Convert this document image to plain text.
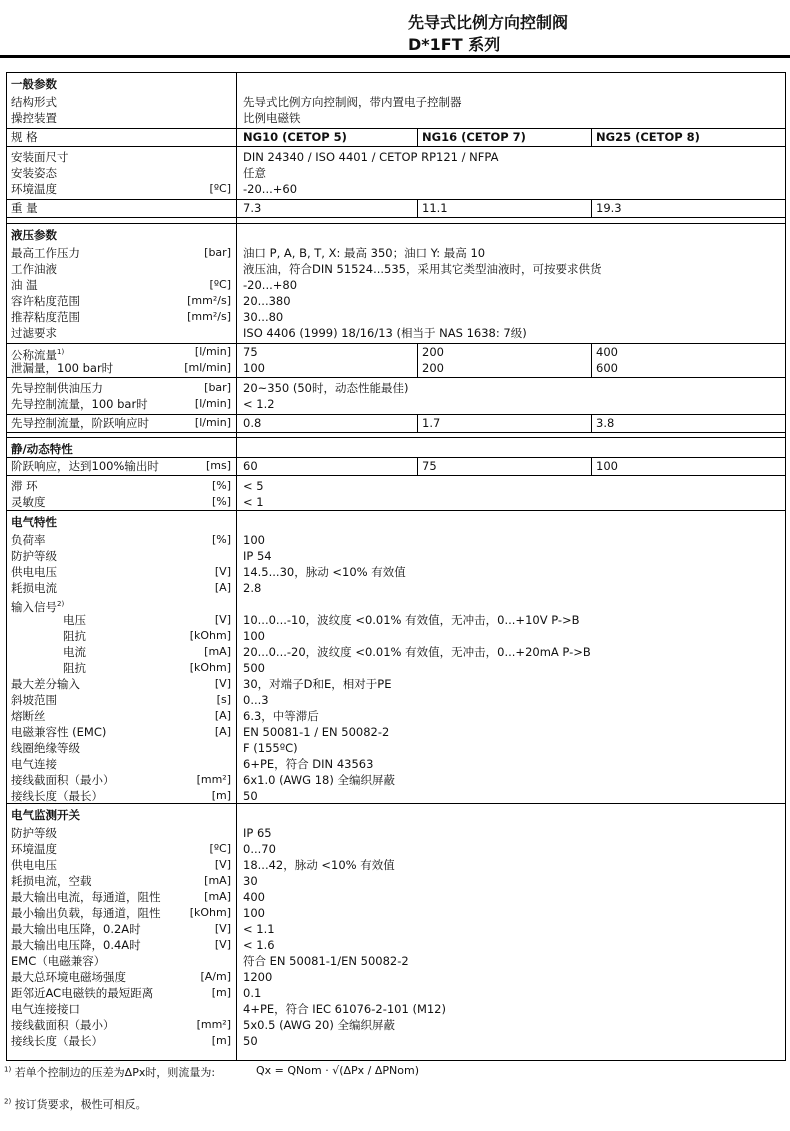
先导式比例方向控制阀
D*1FT 系列
一般参数
结构形式	先导式比例方向控制阀，带内置电子控制器
操控装置	比例电磁铁
规 格	NG10 (CETOP 5)	NG16 (CETOP 7)	NG25 (CETOP 8)
安装面尺寸	DIN 24340 / ISO 4401 / CETOP RP121 / NFPA
安装姿态	任意
环境温度	[ºC] -20...+60
重 量	7.3	11.1	19.3
液压参数
最高工作压力	[bar] 油口 P, A, B, T, X: 最高 350；油口 Y: 最高 10
工作油液	液压油，符合DIN 51524...535，采用其它类型油液时，可按要求供货
油 温	[ºC] -20...+80
容许粘度范围	[mm²/s] 20...380
推荐粘度范围	[mm²/s] 30...80
过滤要求	ISO 4406 (1999) 18/16/13 (相当于 NAS 1638: 7级)
公称流量$^{1)}$	[l/min] 75	200	400
泄漏量，100 bar时	[ml/min] 100	200	600
先导控制供油压力	[bar] 20~350 (50时，动态性能最佳)
先导控制流量，100 bar时	[l/min] < 1.2
先导控制流量，阶跃响应时	[l/min] 0.8	1.7	3.8
静/动态特性
阶跃响应，达到100%输出时	[ms] 60	75	100
滞 环	[%] < 5
灵敏度	[%] < 1
电气特性
负荷率	[%] 100
防护等级	IP 54
供电电压	[V] 14.5...30，脉动 <10% 有效值
耗损电流	[A] 2.8
输入信号$^{2)}$
电压	[V] 10...0...-10，波纹度 <0.01% 有效值，无冲击，0...+10V P->B
阻抗	[kOhm] 100
电流	[mA] 20...0...-20，波纹度 <0.01% 有效值，无冲击，0...+20mA P->B
阻抗	[kOhm] 500
最大差分输入	[V] 30，对端子D和E，相对于PE
斜坡范围	[s] 0...3
熔断丝	[A] 6.3，中等滞后
电磁兼容性 (EMC)	[A] EN 50081-1 / EN 50082-2
线圈绝缘等级	F (155ºC)
电气连接	6+PE，符合 DIN 43563
接线截面积（最小）	[mm²] 6x1.0 (AWG 18) 全编织屏蔽
接线长度（最长）	[m] 50
电气监测开关
防护等级	IP 65
环境温度	[ºC] 0...70
供电电压	[V] 18...42，脉动 <10% 有效值
耗损电流，空载	[mA] 30
最大输出电流，每通道，阻性	[mA] 400
最小输出负载，每通道，阻性	[kOhm] 100
最大输出电压降，0.2A时	[V] < 1.1
最大输出电压降，0.4A时	[V] < 1.6
EMC（电磁兼容）	符合 EN 50081-1/EN 50082-2
最大总环境电磁场强度	[A/m] 1200
距邻近AC电磁铁的最短距离	[m] 0.1
电气连接接口	4+PE，符合 IEC 61076-2-101 (M12)
接线截面积（最小）	[mm²] 5x0.5 (AWG 20) 全编织屏蔽
接线长度（最长）	[m] 50
$^{1)}$ 若单个控制边的压差为ΔPx时，则流量为:	Qx = QNom · √(ΔPx / ΔPNom)
$^{2)}$ 按订货要求，极性可相反。
